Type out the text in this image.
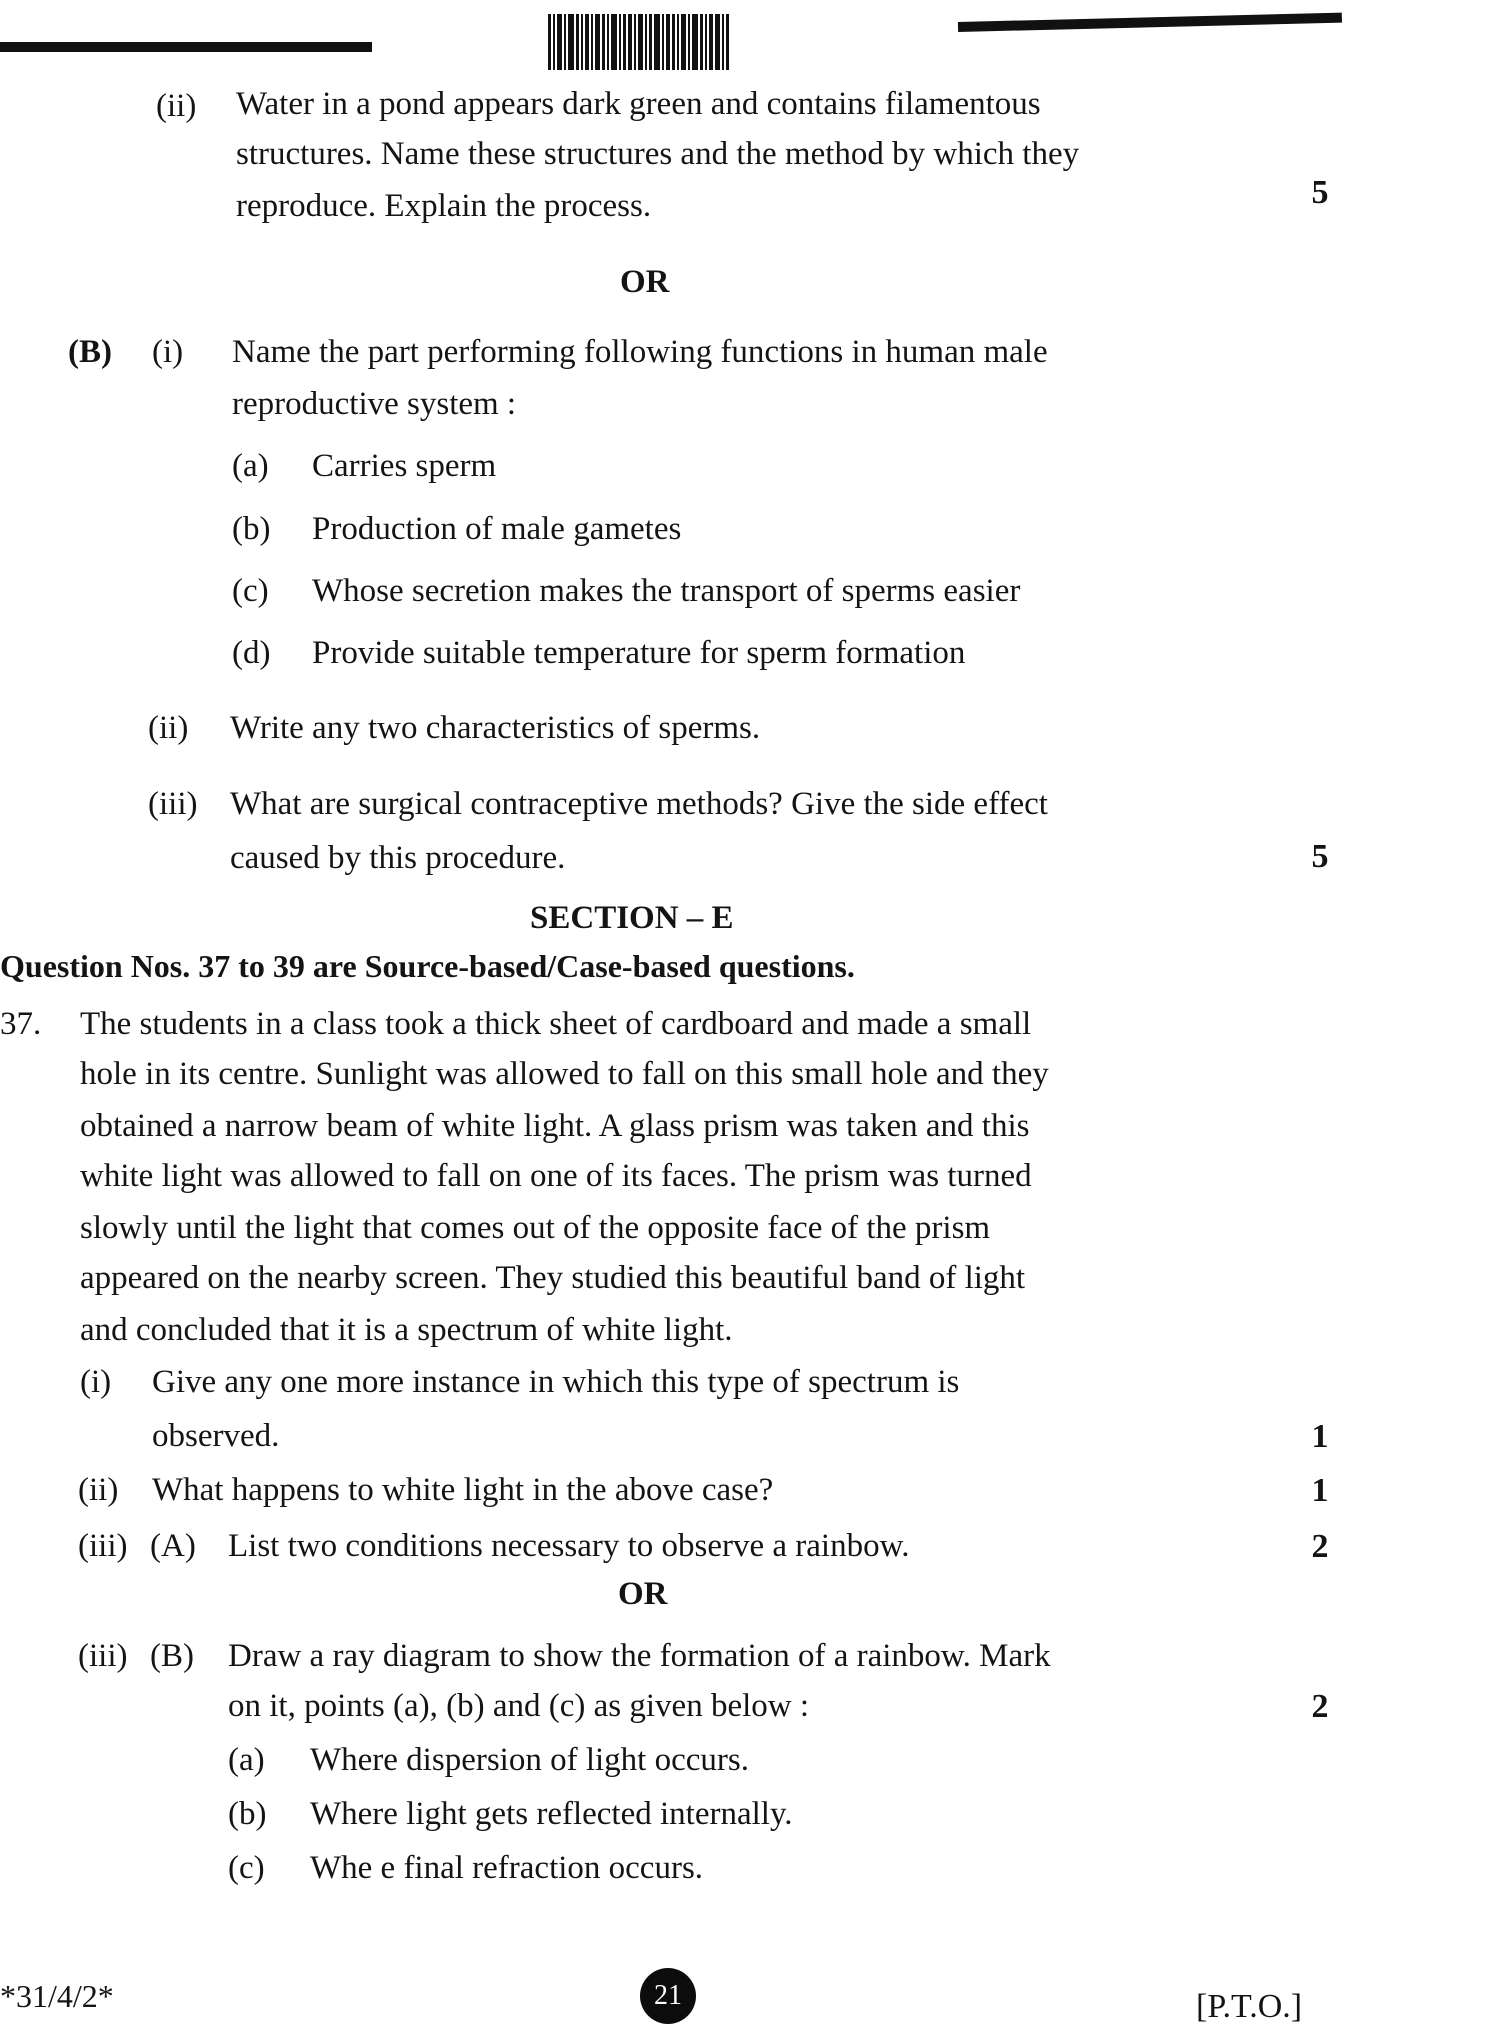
(ii) Water in a pond appears dark green and contains filamentous
structures. Name these structures and the method by which they
reproduce. Explain the process.	5
OR
(B) (i) Name the part performing following functions in human male
reproductive system :
(a) Carries sperm
(b) Production of male gametes
(c) Whose secretion makes the transport of sperms easier
(d) Provide suitable temperature for sperm formation
(ii) Write any two characteristics of sperms.
(iii) What are surgical contraceptive methods? Give the side effect
caused by this procedure.	5
SECTION – E
Question Nos. 37 to 39 are Source-based/Case-based questions.
37. The students in a class took a thick sheet of cardboard and made a small
hole in its centre. Sunlight was allowed to fall on this small hole and they
obtained a narrow beam of white light. A glass prism was taken and this
white light was allowed to fall on one of its faces. The prism was turned
slowly until the light that comes out of the opposite face of the prism
appeared on the nearby screen. They studied this beautiful band of light
and concluded that it is a spectrum of white light.
(i) Give any one more instance in which this type of spectrum is
observed.	1
(ii) What happens to white light in the above case?	1
(iii) (A) List two conditions necessary to observe a rainbow.	2
OR
(iii) (B) Draw a ray diagram to show the formation of a rainbow. Mark
on it, points (a), (b) and (c) as given below :	2
(a) Where dispersion of light occurs.
(b) Where light gets reflected internally.
(c) Whe e final refraction occurs.
*31/4/2*	21	[P.T.O.]
